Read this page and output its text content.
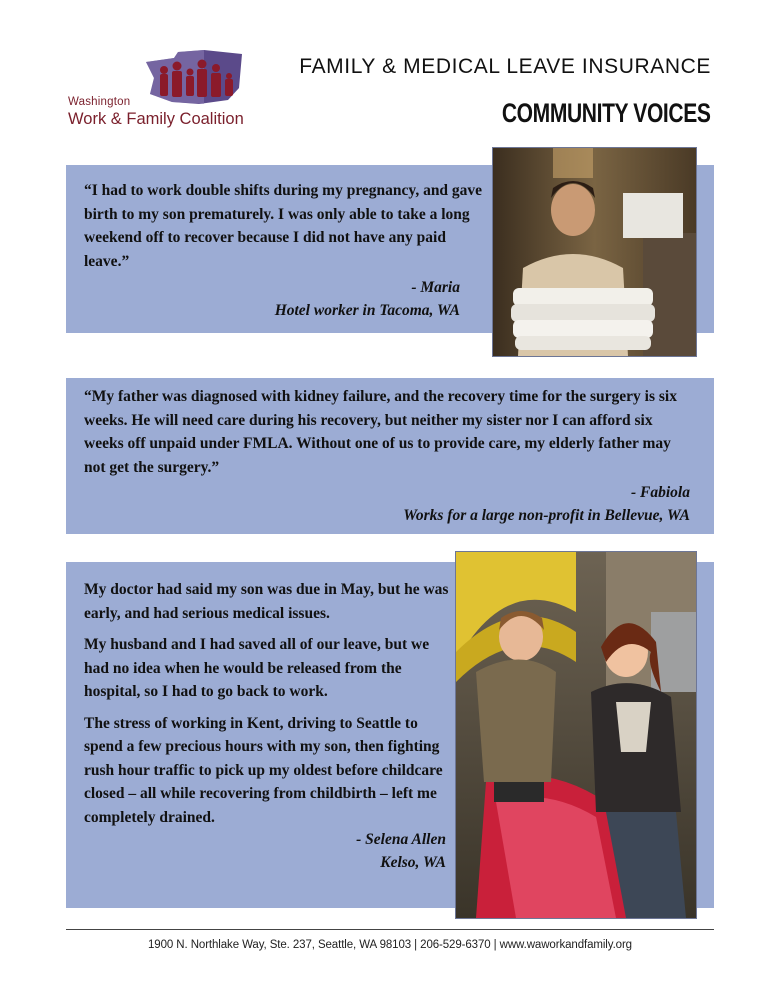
Washington
Work & Family Coalition
FAMILY & MEDICAL LEAVE INSURANCE
COMMUNITY VOICES

“I had to work double shifts during my pregnancy, and gave birth to my son prematurely. I was only able to take a long weekend off to recover because I did not have any paid leave.”

- Maria
Hotel worker in Tacoma, WA

“My father was diagnosed with kidney failure, and the recovery time for the surgery is six weeks. He will need care during his recovery, but neither my sister nor I can afford six weeks off unpaid under FMLA. Without one of us to provide care, my elderly father may not get the surgery.”

- Fabiola
Works for a large non-profit in Bellevue, WA

My doctor had said my son was due in May, but he was early, and had serious medical issues.

My husband and I had saved all of our leave, but we had no idea when he would be released from the hospital, so I had to go back to work.

The stress of working in Kent, driving to Seattle to spend a few precious hours with my son, then fighting rush hour traffic to pick up my oldest before childcare closed – all while recovering from childbirth – left me completely drained.

- Selena Allen
Kelso, WA
1900 N. Northlake Way, Ste. 237, Seattle, WA 98103 | 206-529-6370 | www.waworkandfamily.org
